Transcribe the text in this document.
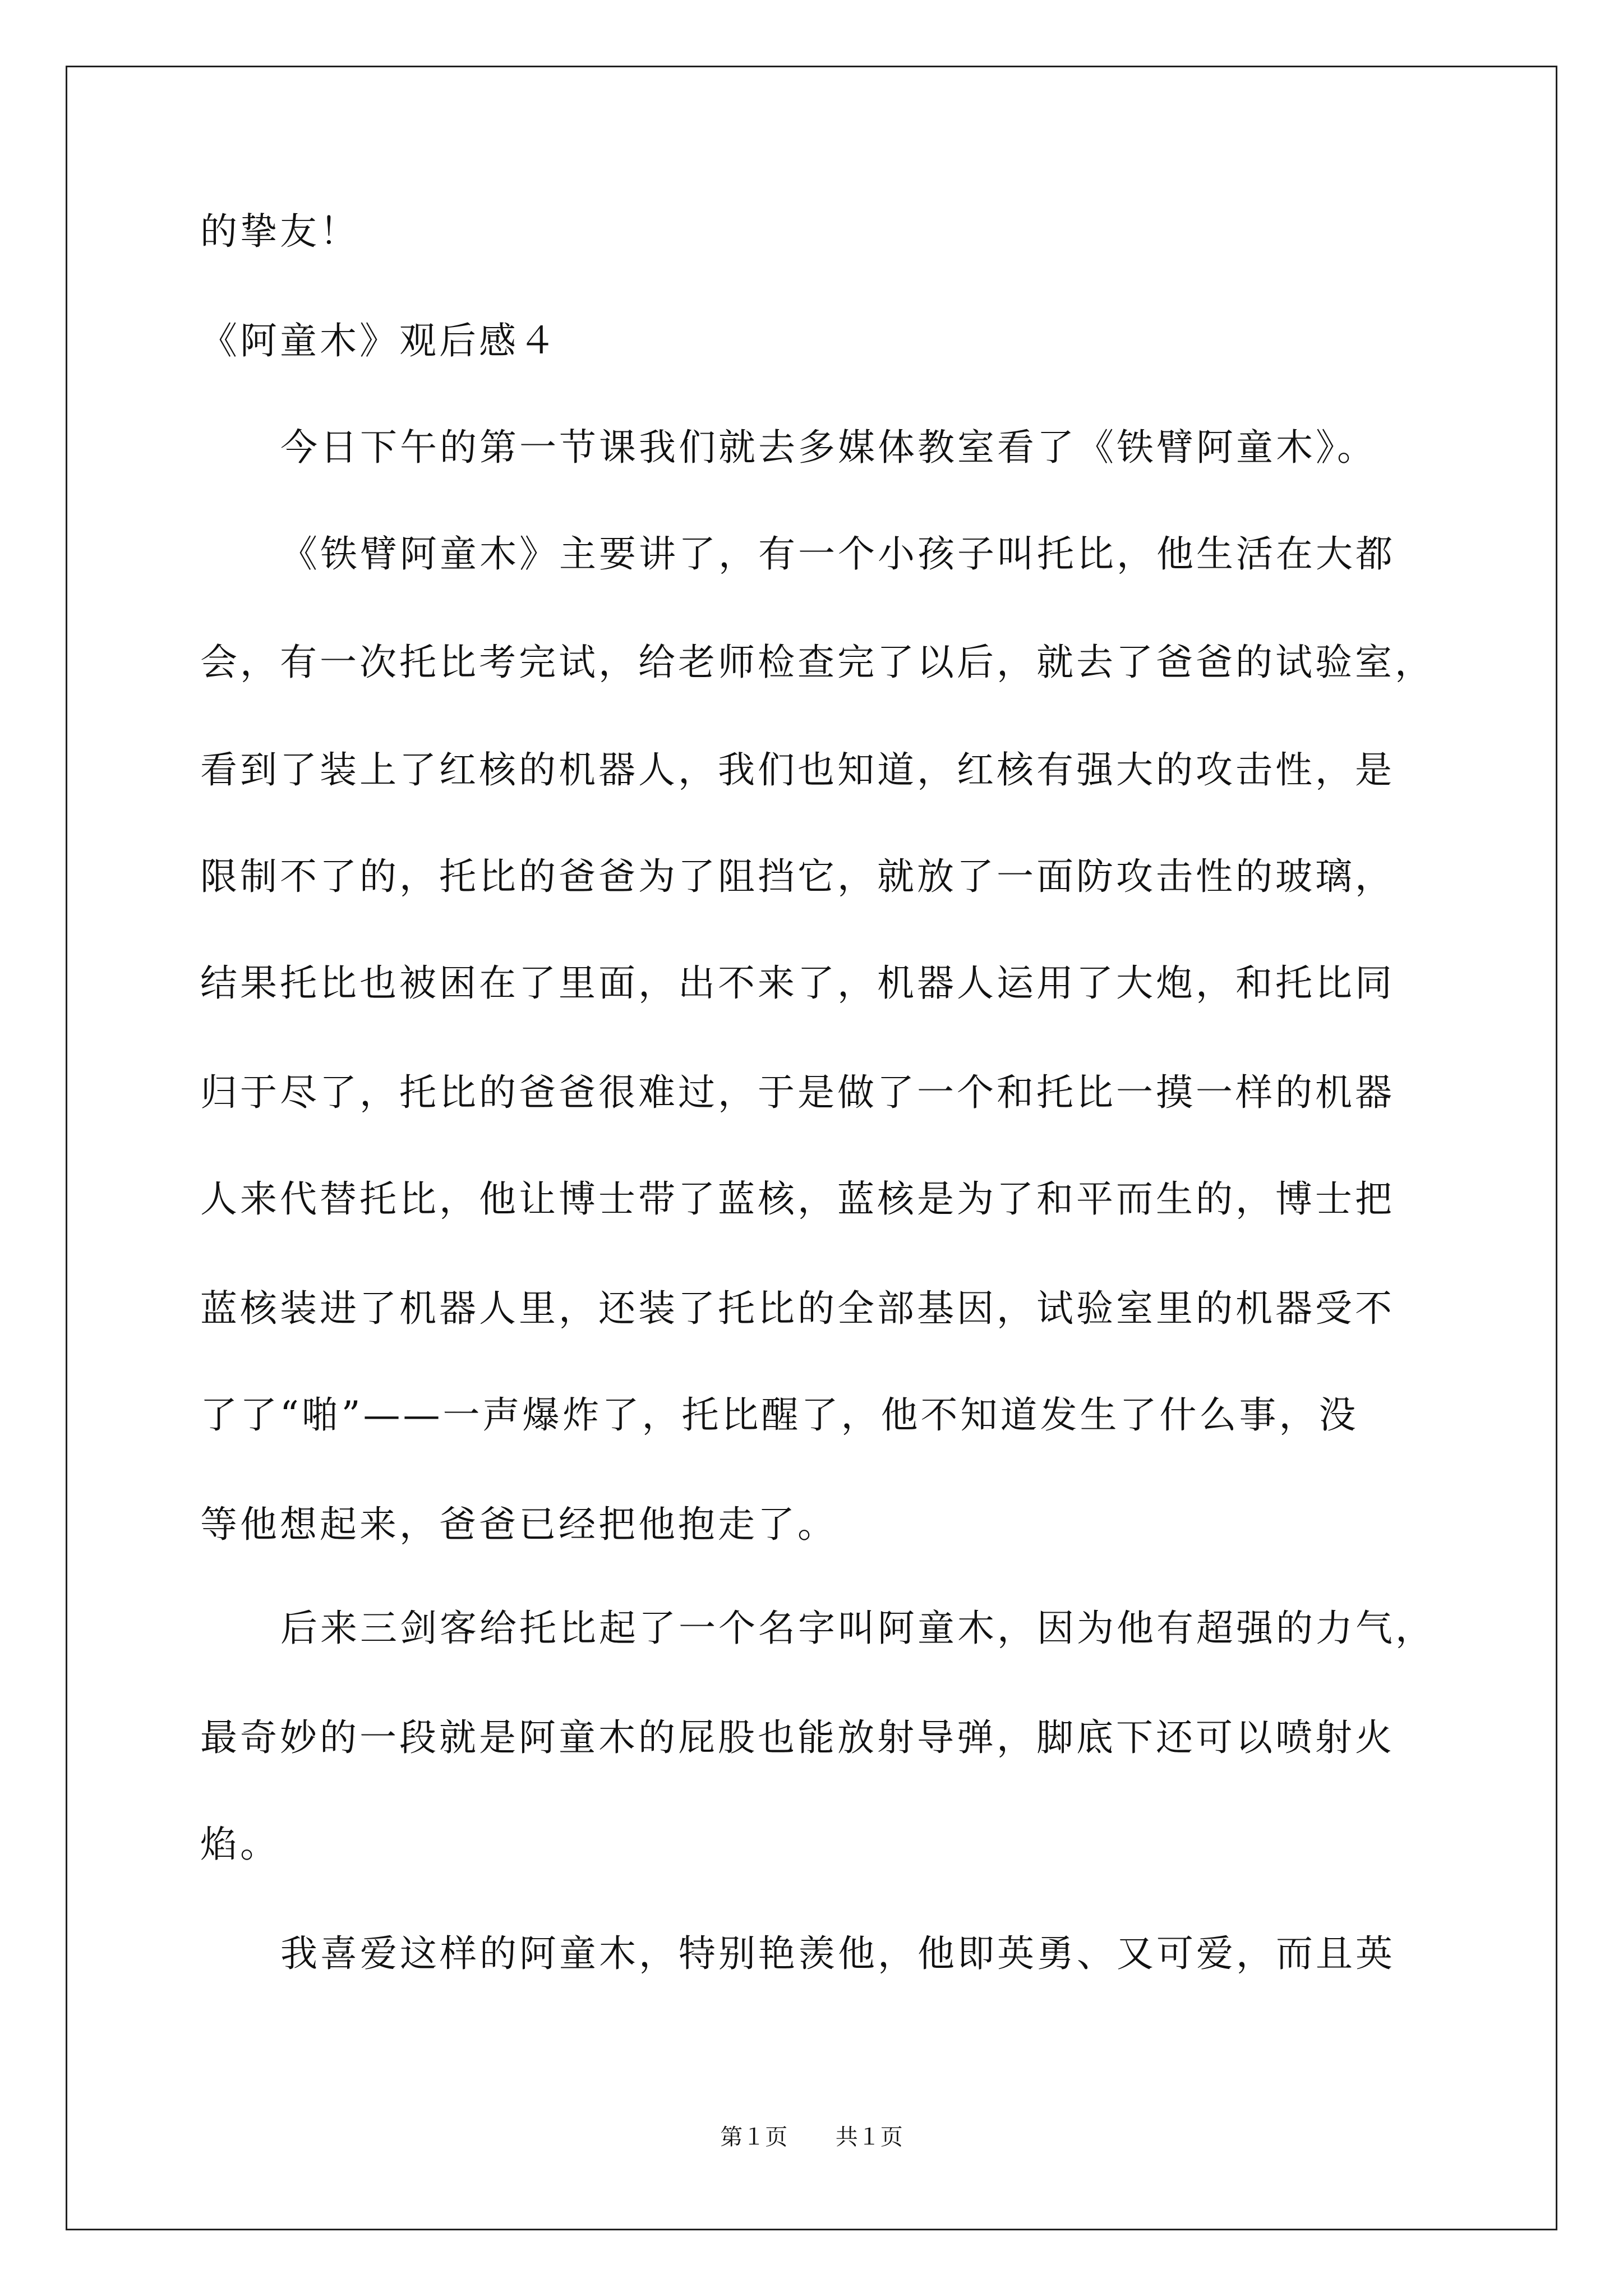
的挚友！
《阿童木》观后感４
今日下午的第一节课我们就去多媒体教室看了《铁臂阿童木》。
《铁臂阿童木》主要讲了，有一个小孩子叫托比，他生活在大都
会，有一次托比考完试，给老师检查完了以后，就去了爸爸的试验室，
看到了装上了红核的机器人，我们也知道，红核有强大的攻击性，是
限制不了的，托比的爸爸为了阻挡它，就放了一面防攻击性的玻璃，
结果托比也被困在了里面，出不来了，机器人运用了大炮，和托比同
归于尽了，托比的爸爸很难过，于是做了一个和托比一摸一样的机器
人来代替托比，他让博士带了蓝核，蓝核是为了和平而生的，博士把
蓝核装进了机器人里，还装了托比的全部基因，试验室里的机器受不
了了“啪”——一声爆炸了，托比醒了，他不知道发生了什么事，没
等他想起来，爸爸已经把他抱走了。
后来三剑客给托比起了一个名字叫阿童木，因为他有超强的力气，
最奇妙的一段就是阿童木的屁股也能放射导弹，脚底下还可以喷射火
焰。
我喜爱这样的阿童木，特别艳羡他，他即英勇、又可爱，而且英
第１页 共１页
